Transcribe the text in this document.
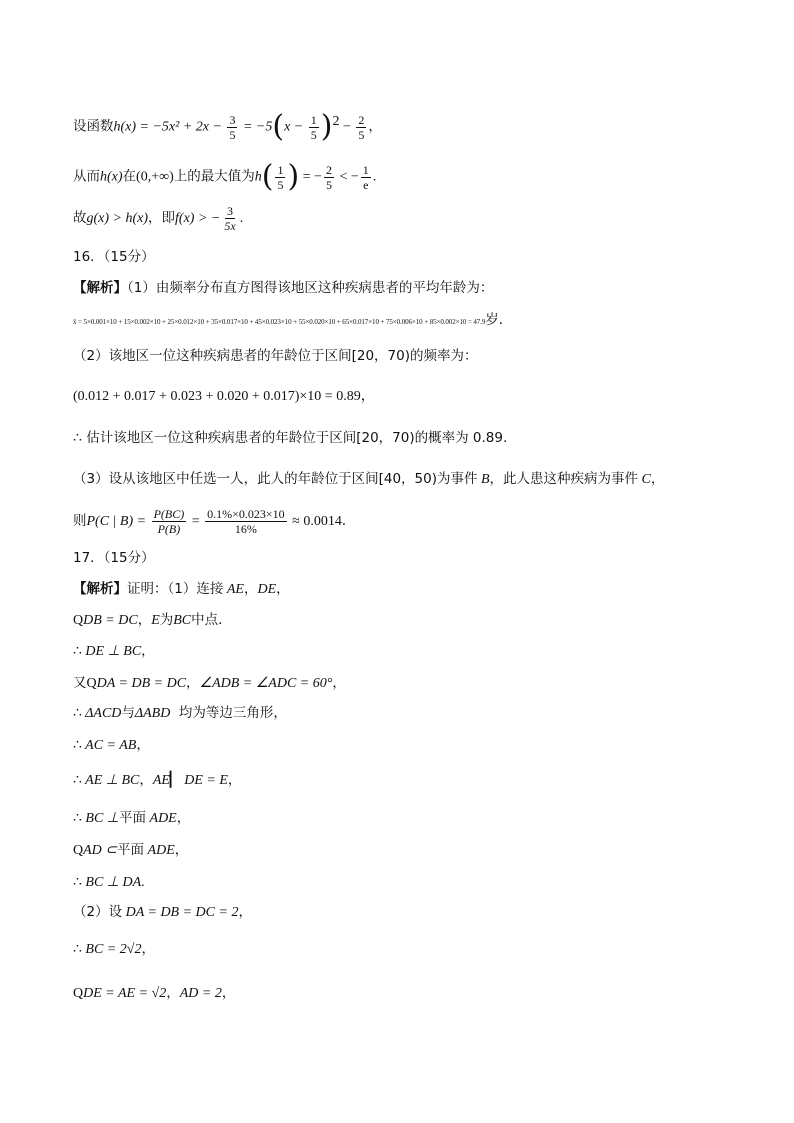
设函数$h(x) = -5x^2 + 2x - \frac{3}{5} = -5(x - \frac{1}{5} )^2 - \frac{2}{5}$ ，
从而h(x)在(0,+∞)上的最大值为$h( \frac{1}{5}$ ) = − $\frac{2}{5}$ < − $\frac{1}{e}$ .
故g(x) > h(x)，即f(x) > − $\frac{3}{5x}$ .
16．（15分）
【解析】（1）由频率分布直方图得该地区这种疾病患者的平均年龄为：
x̄ = 5×0.001×10 + 15×0.002×10 + 25×0.012×10 + 35×0.017×10 + 45×0.023×10 + 55×0.020×10 + 65×0.017×10 + 75×0.006×10 + 85×0.002×10 = 47.9岁．
（2）该地区一位这种疾病患者的年龄位于区间[20，70)的频率为：
(0.012 + 0.017 + 0.023 + 0.020 + 0.017)×10 = 0.89，
∴ 估计该地区一位这种疾病患者的年龄位于区间[20，70)的概率为 0.89.
（3）设从该地区中任选一人，此人的年龄位于区间[40，50)为事件 B，此人患这种疾病为事件 C，
则P(C | $B) = \frac{P(BC)}{P(B)} = \frac{0.1\%\times 0.023\times 10}{16\%} \approx 0.0014$．
17．（15分）
【解析】证明：（1）连接 AE，DE，
QDB = DC，E为BC中点．
∴ DE ⊥ BC，
又QDA = DB = DC，∠ADB = ∠ADC = 60°，
∴ ΔACD与ΔABD  均为等边三角形，
∴ AC = AB，
∴ AE ⊥ BC，AE▏ DE = E，
∴ BC ⊥平面 ADE，
QAD ⊂平面 ADE，
∴ BC ⊥ DA.
（2）设 DA = DB = DC = 2，
∴ BC = 2√2，
QDE = AE = √2，AD = 2，
